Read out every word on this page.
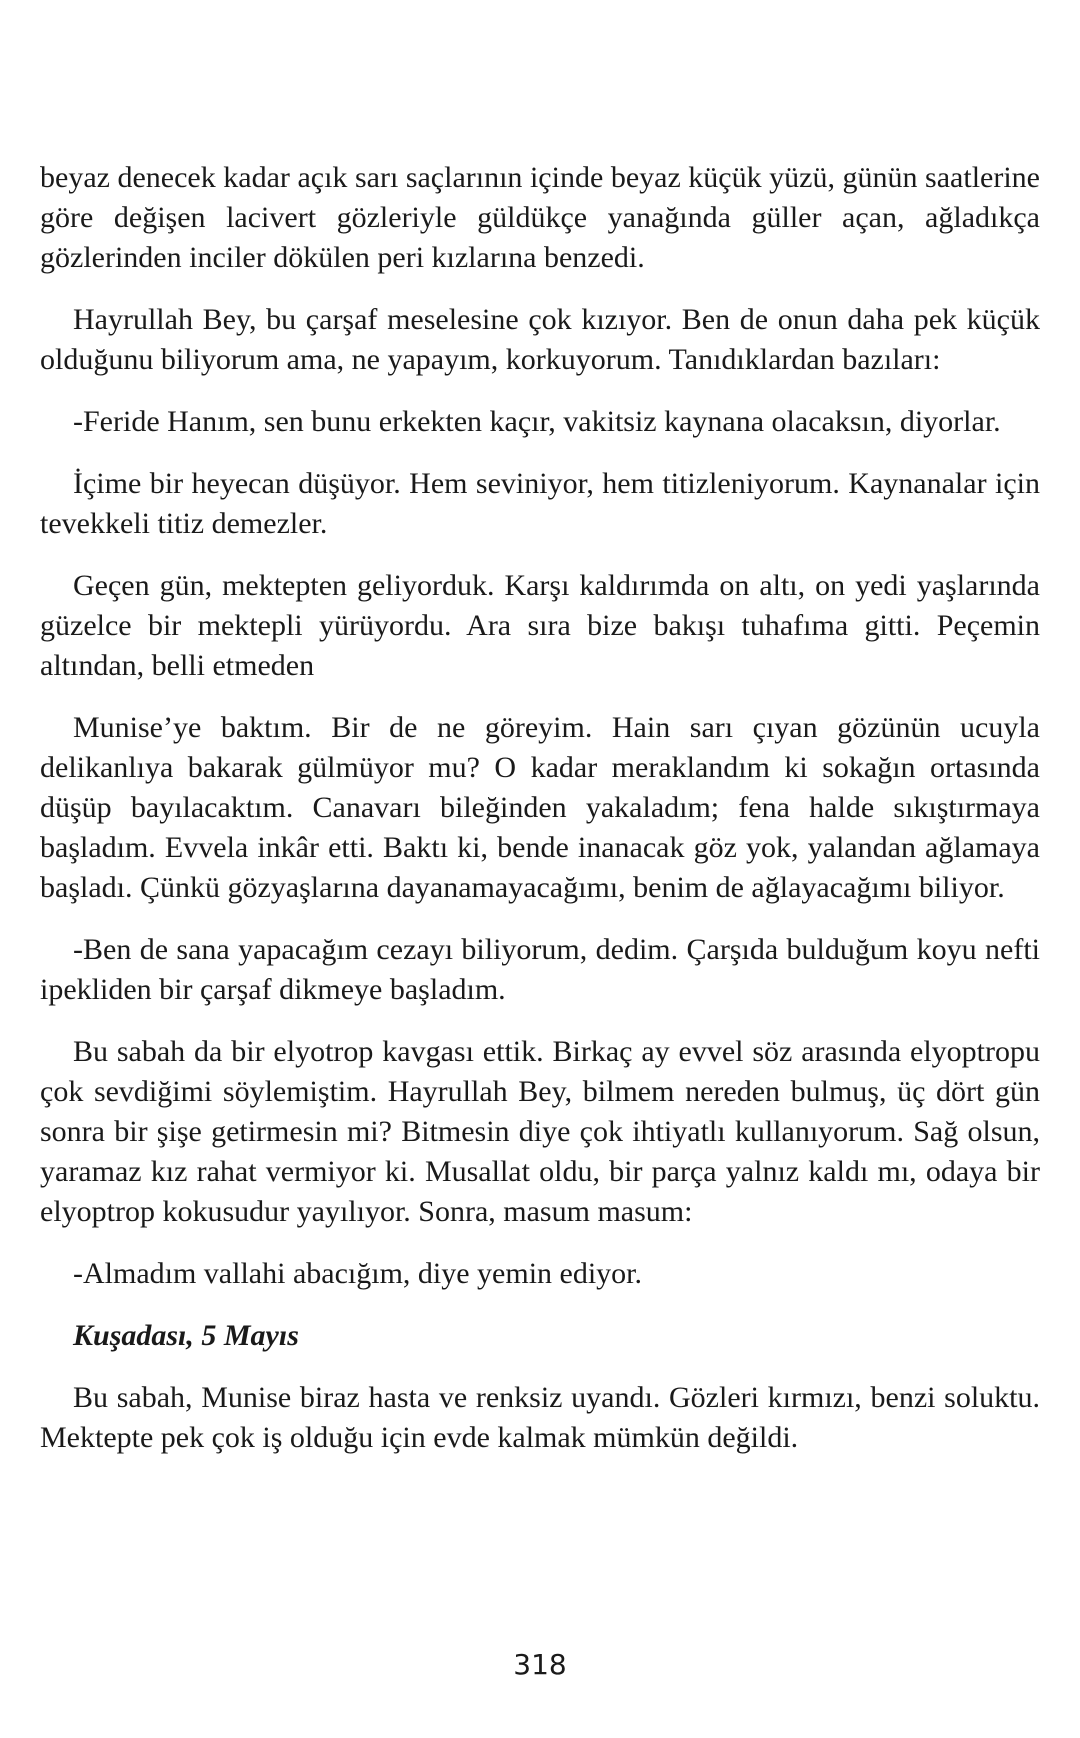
beyaz denecek kadar açık sarı saçlarının içinde beyaz küçük yüzü, günün saatlerine göre değişen lacivert gözleriyle güldükçe yanağında güller açan, ağladıkça gözlerinden inciler dökülen peri kızlarına benzedi.

Hayrullah Bey, bu çarşaf meselesine çok kızıyor. Ben de onun daha pek küçük olduğunu biliyorum ama, ne yapayım, korkuyorum. Tanıdıklardan bazıları:

-Feride Hanım, sen bunu erkekten kaçır, vakitsiz kaynana olacaksın, diyorlar.

İçime bir heyecan düşüyor. Hem seviniyor, hem titizleniyorum. Kaynanalar için tevekkeli titiz demezler.

Geçen gün, mektepten geliyorduk. Karşı kaldırımda on altı, on yedi yaşlarında güzelce bir mektepli yürüyordu. Ara sıra bize bakışı tuhafıma gitti. Peçemin altından, belli etmeden

Munise’ye baktım. Bir de ne göreyim. Hain sarı çıyan gözünün ucuyla delikanlıya bakarak gülmüyor mu? O kadar meraklandım ki sokağın ortasında düşüp bayılacaktım. Canavarı bileğinden yakaladım; fena halde sıkıştırmaya başladım. Evvela inkâr etti. Baktı ki, bende inanacak göz yok, yalandan ağlamaya başladı. Çünkü gözyaşlarına dayanamayacağımı, benim de ağlayacağımı biliyor.

-Ben de sana yapacağım cezayı biliyorum, dedim. Çarşıda bulduğum koyu nefti ipekliden bir çarşaf dikmeye başladım.

Bu sabah da bir elyotrop kavgası ettik. Birkaç ay evvel söz arasında elyoptropu çok sevdiğimi söylemiştim. Hayrullah Bey, bilmem nereden bulmuş, üç dört gün sonra bir şişe getirmesin mi? Bitmesin diye çok ihtiyatlı kullanıyorum. Sağ olsun, yaramaz kız rahat vermiyor ki. Musallat oldu, bir parça yalnız kaldı mı, odaya bir elyoptrop kokusudur yayılıyor. Sonra, masum masum:

-Almadım vallahi abacığım, diye yemin ediyor.

Kuşadası, 5 Mayıs

Bu sabah, Munise biraz hasta ve renksiz uyandı. Gözleri kırmızı, benzi soluktu. Mektepte pek çok iş olduğu için evde kalmak mümkün değildi.

318
